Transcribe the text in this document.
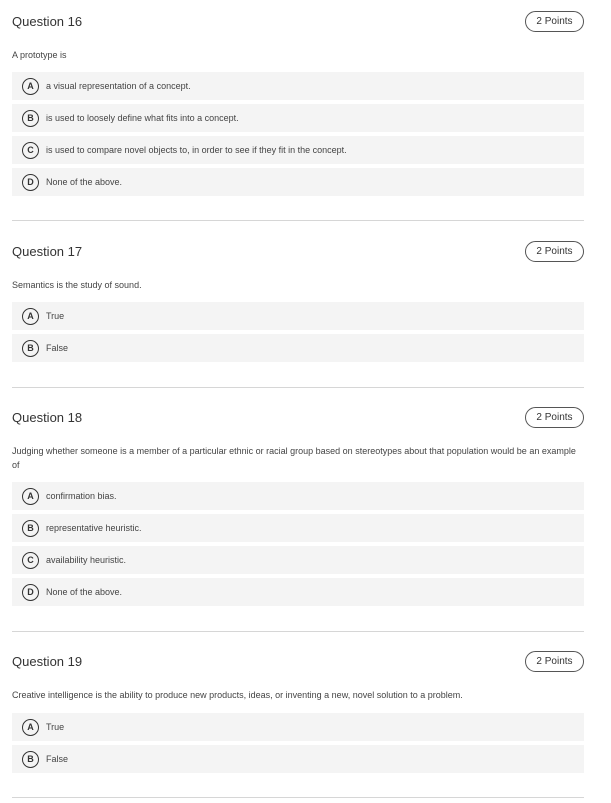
Question 16	2 Points
A prototype is
A	a visual representation of a concept.
B	is used to loosely define what fits into a concept.
C	is used to compare novel objects to, in order to see if they fit in the concept.
D	None of the above.
Question 17	2 Points
Semantics is the study of sound.
A	True
B	False
Question 18	2 Points
Judging whether someone is a member of a particular ethnic or racial group based on stereotypes about that population would be an example of
A	confirmation bias.
B	representative heuristic.
C	availability heuristic.
D	None of the above.
Question 19	2 Points
Creative intelligence is the ability to produce new products, ideas, or inventing a new, novel solution to a problem.
A	True
B	False
